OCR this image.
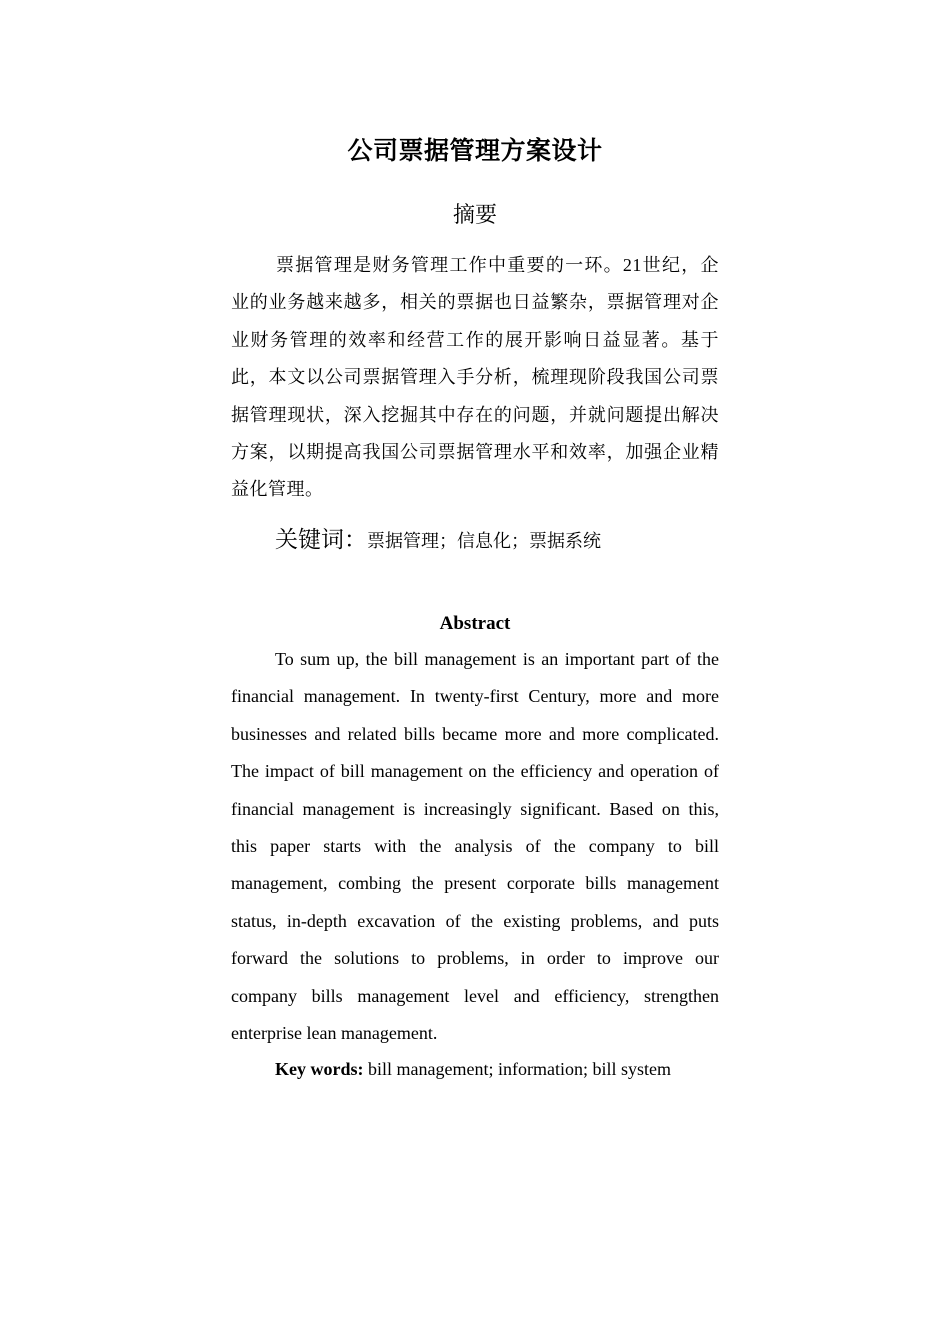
公司票据管理方案设计
摘要

票据管理是财务管理工作中重要的一环。21世纪，企业的业务越来越多，相关的票据也日益繁杂，票据管理对企业财务管理的效率和经营工作的展开影响日益显著。基于此，本文以公司票据管理入手分析，梳理现阶段我国公司票据管理现状，深入挖掘其中存在的问题，并就问题提出解决方案，以期提高我国公司票据管理水平和效率，加强企业精益化管理。

关键词：票据管理；信息化；票据系统
Abstract

To sum up, the bill management is an important part of the financial management. In twenty-first Century, more and more businesses and related bills became more and more complicated. The impact of bill management on the efficiency and operation of financial management is increasingly significant. Based on this, this paper starts with the analysis of the company to bill management, combing the present corporate bills management status, in-depth excavation of the existing problems, and puts forward the solutions to problems, in order to improve our company bills management level and efficiency, strengthen enterprise lean management.

Key words: bill management; information; bill system
